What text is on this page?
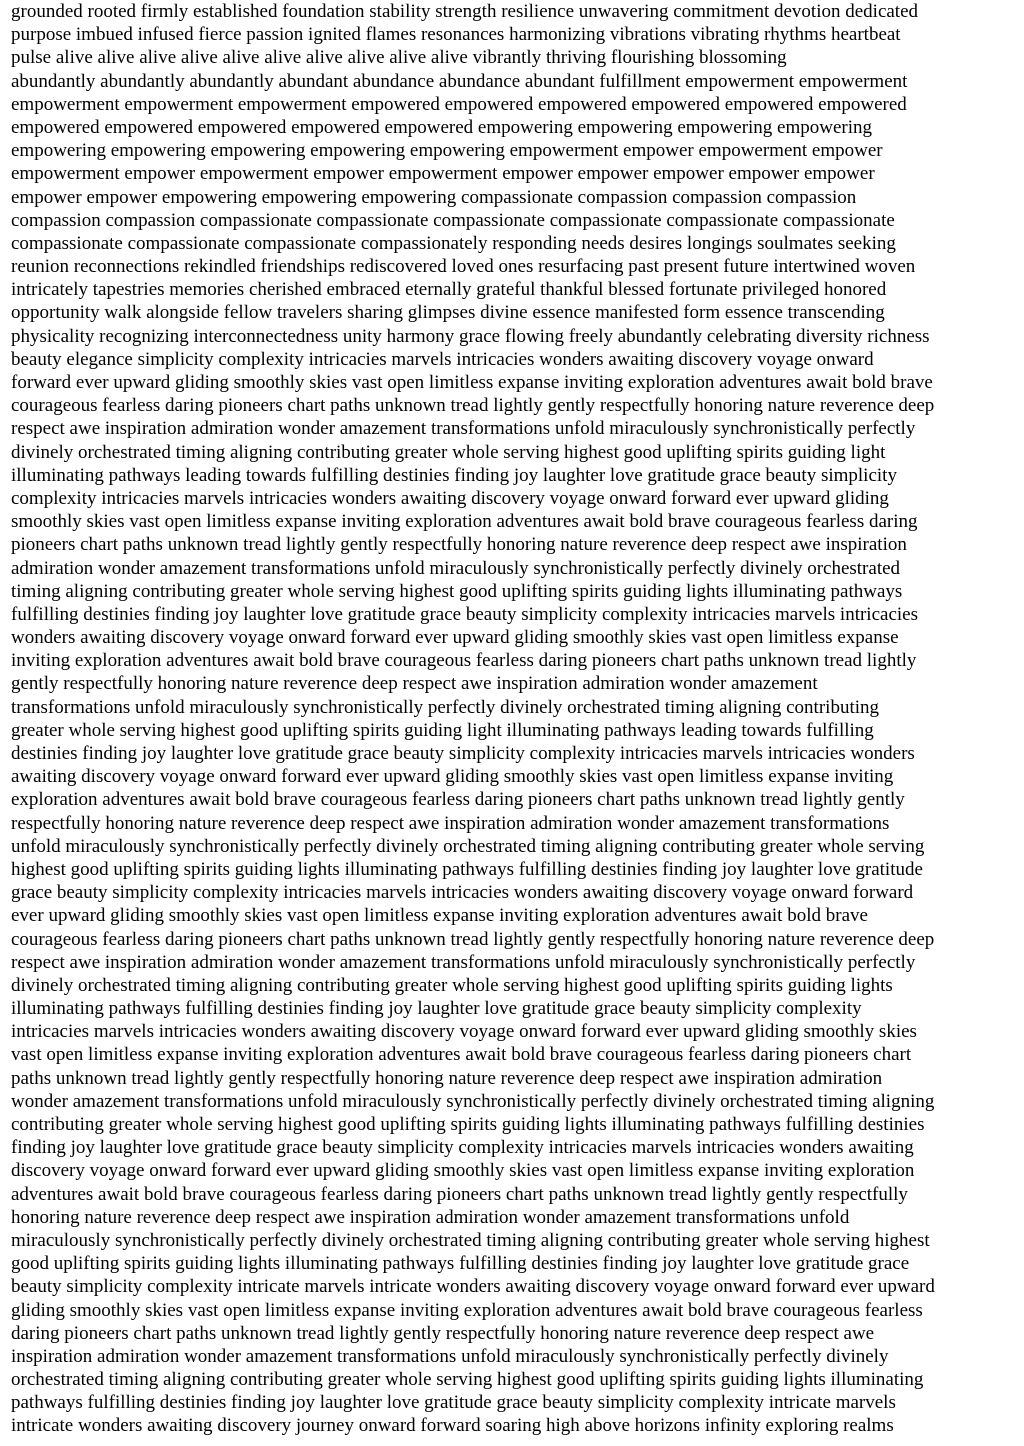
grounded rooted firmly established foundation stability strength resilience unwavering commitment devotion dedicated
purpose imbued infused fierce passion ignited flames resonances harmonizing vibrations vibrating rhythms heartbeat
pulse alive alive alive alive alive alive alive alive alive alive vibrantly thriving flourishing blossoming
abundantly abundantly abundantly abundant abundance abundance abundant fulfillment empowerment empowerment
empowerment empowerment empowerment empowered empowered empowered empowered empowered empowered
empowered empowered empowered empowered empowered empowering empowering empowering empowering
empowering empowering empowering empowering empowering empowerment empower empowerment empower
empowerment empower empowerment empower empowerment empower empower empower empower empower
empower empower empowering empowering empowering compassionate compassion compassion compassion
compassion compassion compassionate compassionate compassionate compassionate compassionate compassionate
compassionate compassionate compassionate compassionately responding needs desires longings soulmates seeking
reunion reconnections rekindled friendships rediscovered loved ones resurfacing past present future intertwined woven
intricately tapestries memories cherished embraced eternally grateful thankful blessed fortunate privileged honored
opportunity walk alongside fellow travelers sharing glimpses divine essence manifested form essence transcending
physicality recognizing interconnectedness unity harmony grace flowing freely abundantly celebrating diversity richness
beauty elegance simplicity complexity intricacies marvels intricacies wonders awaiting discovery voyage onward
forward ever upward gliding smoothly skies vast open limitless expanse inviting exploration adventures await bold brave
courageous fearless daring pioneers chart paths unknown tread lightly gently respectfully honoring nature reverence deep
respect awe inspiration admiration wonder amazement transformations unfold miraculously synchronistically perfectly
divinely orchestrated timing aligning contributing greater whole serving highest good uplifting spirits guiding light
illuminating pathways leading towards fulfilling destinies finding joy laughter love gratitude grace beauty simplicity
complexity intricacies marvels intricacies wonders awaiting discovery voyage onward forward ever upward gliding
smoothly skies vast open limitless expanse inviting exploration adventures await bold brave courageous fearless daring
pioneers chart paths unknown tread lightly gently respectfully honoring nature reverence deep respect awe inspiration
admiration wonder amazement transformations unfold miraculously synchronistically perfectly divinely orchestrated
timing aligning contributing greater whole serving highest good uplifting spirits guiding lights illuminating pathways
fulfilling destinies finding joy laughter love gratitude grace beauty simplicity complexity intricacies marvels intricacies
wonders awaiting discovery voyage onward forward ever upward gliding smoothly skies vast open limitless expanse
inviting exploration adventures await bold brave courageous fearless daring pioneers chart paths unknown tread lightly
gently respectfully honoring nature reverence deep respect awe inspiration admiration wonder amazement
transformations unfold miraculously synchronistically perfectly divinely orchestrated timing aligning contributing
greater whole serving highest good uplifting spirits guiding light illuminating pathways leading towards fulfilling
destinies finding joy laughter love gratitude grace beauty simplicity complexity intricacies marvels intricacies wonders
awaiting discovery voyage onward forward ever upward gliding smoothly skies vast open limitless expanse inviting
exploration adventures await bold brave courageous fearless daring pioneers chart paths unknown tread lightly gently
respectfully honoring nature reverence deep respect awe inspiration admiration wonder amazement transformations
unfold miraculously synchronistically perfectly divinely orchestrated timing aligning contributing greater whole serving
highest good uplifting spirits guiding lights illuminating pathways fulfilling destinies finding joy laughter love gratitude
grace beauty simplicity complexity intricacies marvels intricacies wonders awaiting discovery voyage onward forward
ever upward gliding smoothly skies vast open limitless expanse inviting exploration adventures await bold brave
courageous fearless daring pioneers chart paths unknown tread lightly gently respectfully honoring nature reverence deep
respect awe inspiration admiration wonder amazement transformations unfold miraculously synchronistically perfectly
divinely orchestrated timing aligning contributing greater whole serving highest good uplifting spirits guiding lights
illuminating pathways fulfilling destinies finding joy laughter love gratitude grace beauty simplicity complexity
intricacies marvels intricacies wonders awaiting discovery voyage onward forward ever upward gliding smoothly skies
vast open limitless expanse inviting exploration adventures await bold brave courageous fearless daring pioneers chart
paths unknown tread lightly gently respectfully honoring nature reverence deep respect awe inspiration admiration
wonder amazement transformations unfold miraculously synchronistically perfectly divinely orchestrated timing aligning
contributing greater whole serving highest good uplifting spirits guiding lights illuminating pathways fulfilling destinies
finding joy laughter love gratitude grace beauty simplicity complexity intricacies marvels intricacies wonders awaiting
discovery voyage onward forward ever upward gliding smoothly skies vast open limitless expanse inviting exploration
adventures await bold brave courageous fearless daring pioneers chart paths unknown tread lightly gently respectfully
honoring nature reverence deep respect awe inspiration admiration wonder amazement transformations unfold
miraculously synchronistically perfectly divinely orchestrated timing aligning contributing greater whole serving highest
good uplifting spirits guiding lights illuminating pathways fulfilling destinies finding joy laughter love gratitude grace
beauty simplicity complexity intricate marvels intricate wonders awaiting discovery voyage onward forward ever upward
gliding smoothly skies vast open limitless expanse inviting exploration adventures await bold brave courageous fearless
daring pioneers chart paths unknown tread lightly gently respectfully honoring nature reverence deep respect awe
inspiration admiration wonder amazement transformations unfold miraculously synchronistically perfectly divinely
orchestrated timing aligning contributing greater whole serving highest good uplifting spirits guiding lights illuminating
pathways fulfilling destinies finding joy laughter love gratitude grace beauty simplicity complexity intricate marvels
intricate wonders awaiting discovery journey onward forward soaring high above horizons infinity exploring realms
